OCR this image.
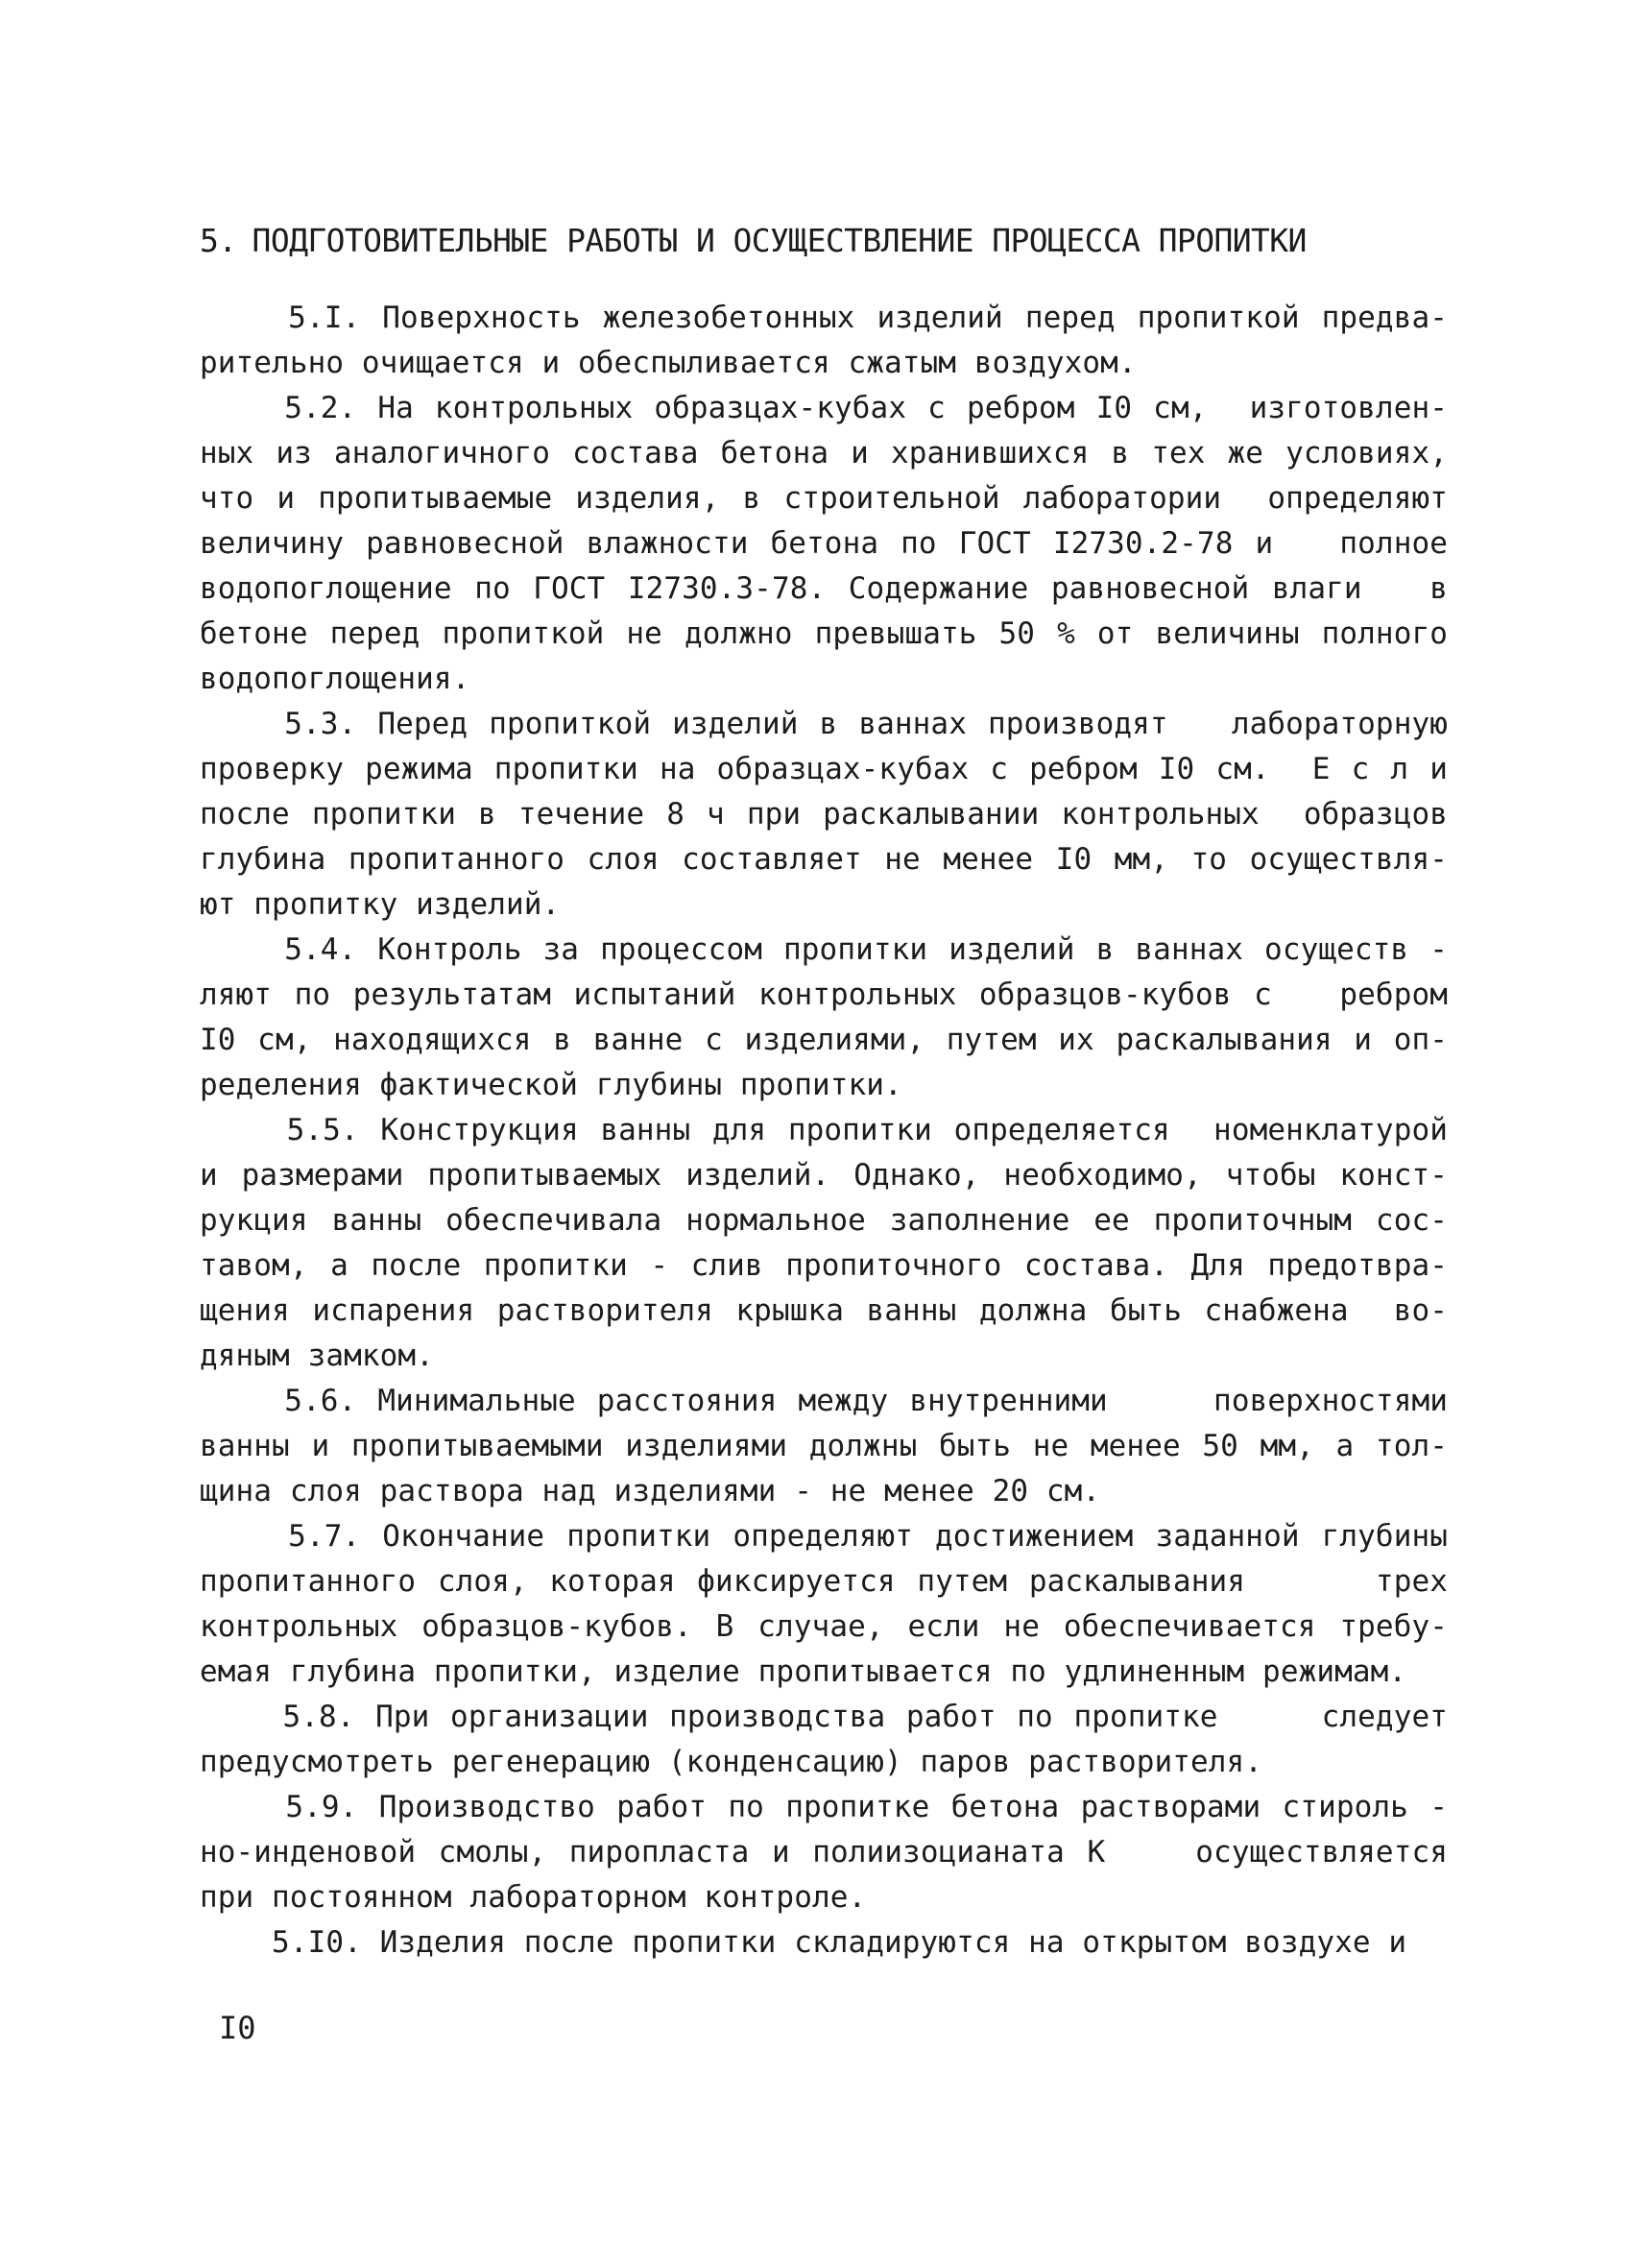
5. ПОДГОТОВИТЕЛЬНЫЕ РАБОТЫ И ОСУЩЕСТВЛЕНИЕ ПРОЦЕССА ПРОПИТКИ
5.I. Поверхность железобетонных изделий перед пропиткой предва-
рительно очищается и обеспыливается сжатым воздухом.
5.2. На контрольных образцах-кубах с ребром I0 см,  изготовлен-
ных из аналогичного состава бетона и хранившихся в тех же условиях,
что и пропитываемые изделия, в строительной лаборатории  определяют
величину равновесной влажности бетона по ГОСТ I2730.2-78 и   полное
водопоглощение по ГОСТ I2730.3-78. Содержание равновесной влаги   в
бетоне перед пропиткой не должно превышать 50 % от величины полного
водопоглощения.
5.3. Перед пропиткой изделий в ваннах производят   лабораторную
проверку режима пропитки на образцах-кубах с ребром I0 см.  Е с л и
после пропитки в течение 8 ч при раскалывании контрольных  образцов
глубина пропитанного слоя составляет не менее I0 мм, то осуществля-
ют пропитку изделий.
5.4. Контроль за процессом пропитки изделий в ваннах осуществ -
ляют по результатам испытаний контрольных образцов-кубов с   ребром
I0 см, находящихся в ванне с изделиями, путем их раскалывания и оп-
ределения фактической глубины пропитки.
5.5. Конструкция ванны для пропитки определяется  номенклатурой
и размерами пропитываемых изделий. Однако, необходимо, чтобы конст-
рукция ванны обеспечивала нормальное заполнение ее пропиточным сос-
тавом, а после пропитки - слив пропиточного состава. Для предотвра-
щения испарения растворителя крышка ванны должна быть снабжена  во-
дяным замком.
5.6. Минимальные расстояния между внутренними     поверхностями
ванны и пропитываемыми изделиями должны быть не менее 50 мм, а тол-
щина слоя раствора над изделиями - не менее 20 см.
5.7. Окончание пропитки определяют достижением заданной глубины
пропитанного слоя, которая фиксируется путем раскалывания      трех
контрольных образцов-кубов. В случае, если не обеспечивается требу-
емая глубина пропитки, изделие пропитывается по удлиненным режимам.
5.8. При организации производства работ по пропитке     следует
предусмотреть регенерацию (конденсацию) паров растворителя.
5.9. Производство работ по пропитке бетона растворами стироль -
но-инденовой смолы, пиропласта и полиизоцианата К    осуществляется
при постоянном лабораторном контроле.
5.I0. Изделия после пропитки складируются на открытом воздухе и
I0
